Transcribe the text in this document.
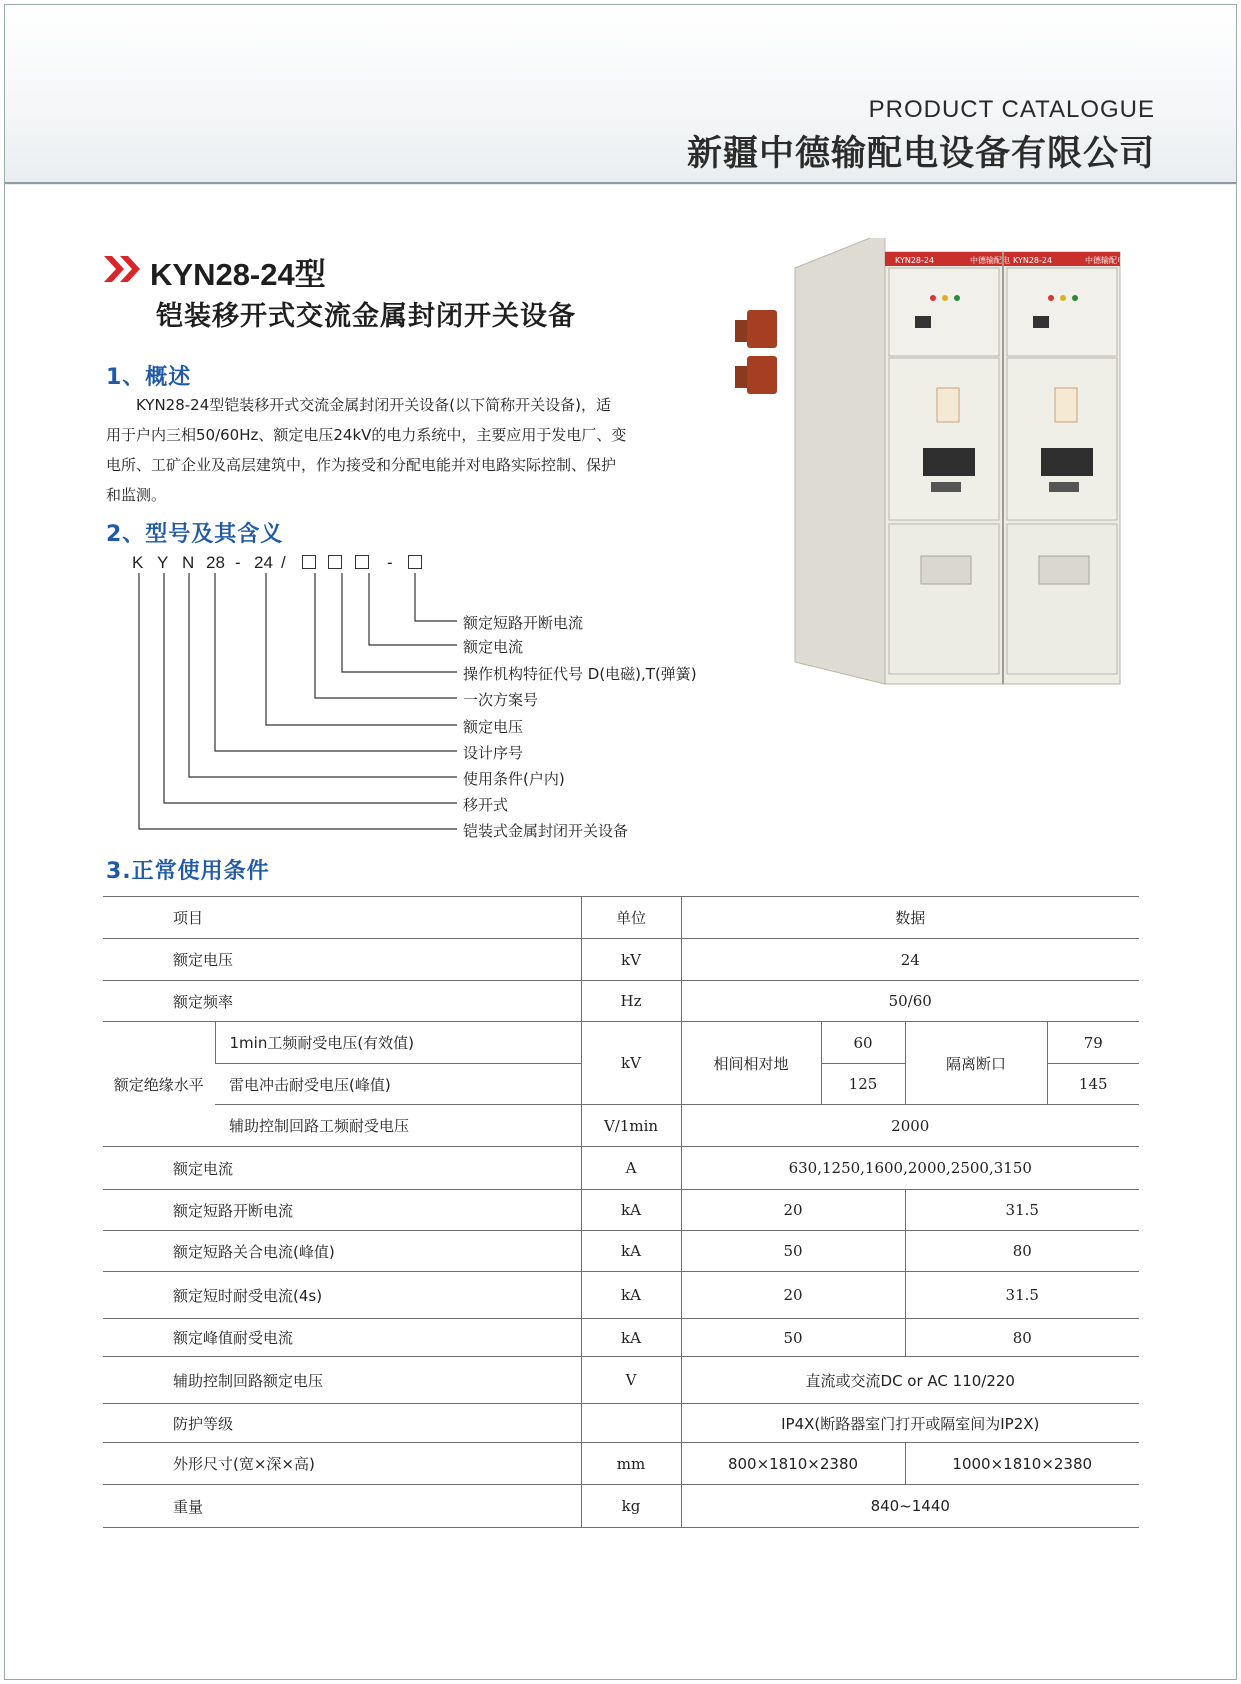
PRODUCT CATALOGUE
新疆中德输配电设备有限公司
KYN28-24型
铠装移开式交流金属封闭开关设备
1、概述
KYN28-24型铠装移开式交流金属封闭开关设备(以下简称开关设备)，适
用于户内三相50/60Hz、额定电压24kV的电力系统中，主要应用于发电厂、变
电所、工矿企业及高层建筑中，作为接受和分配电能并对电路实际控制、保护
和监测。
2、型号及其含义
K Y N 28 - 24 /	-
额定短路开断电流
额定电流
操作机构特征代号 D(电磁),T(弹簧)
一次方案号
额定电压
设计序号
使用条件(户内)
移开式
铠装式金属封闭开关设备
KYN28-24	中德输配电 KYN28-24	中德输配电
3.正常使用条件
项目		单位	数据			
额定电压		kV	24			
额定频率		Hz	50/60			
额定绝缘水平	1min工频耐受电压(有效值)	kV	相间相对地	60	隔离断口	79
	雷电冲击耐受电压(峰值)			125		145
	辅助控制回路工频耐受电压	V/1min	2000			
额定电流		A	630,1250,1600,2000,2500,3150			
额定短路开断电流		kA	20		31.5	
额定短路关合电流(峰值)		kA	50		80	
额定短时耐受电流(4s)		kA	20		31.5	
额定峰值耐受电流		kA	50		80	
辅助控制回路额定电压		V	直流或交流DC or AC 110/220			
防护等级			IP4X(断路器室门打开或隔室间为IP2X)			
外形尺寸(宽×深×高)		mm	800×1810×2380		1000×1810×2380	
重量		kg	840~1440			
